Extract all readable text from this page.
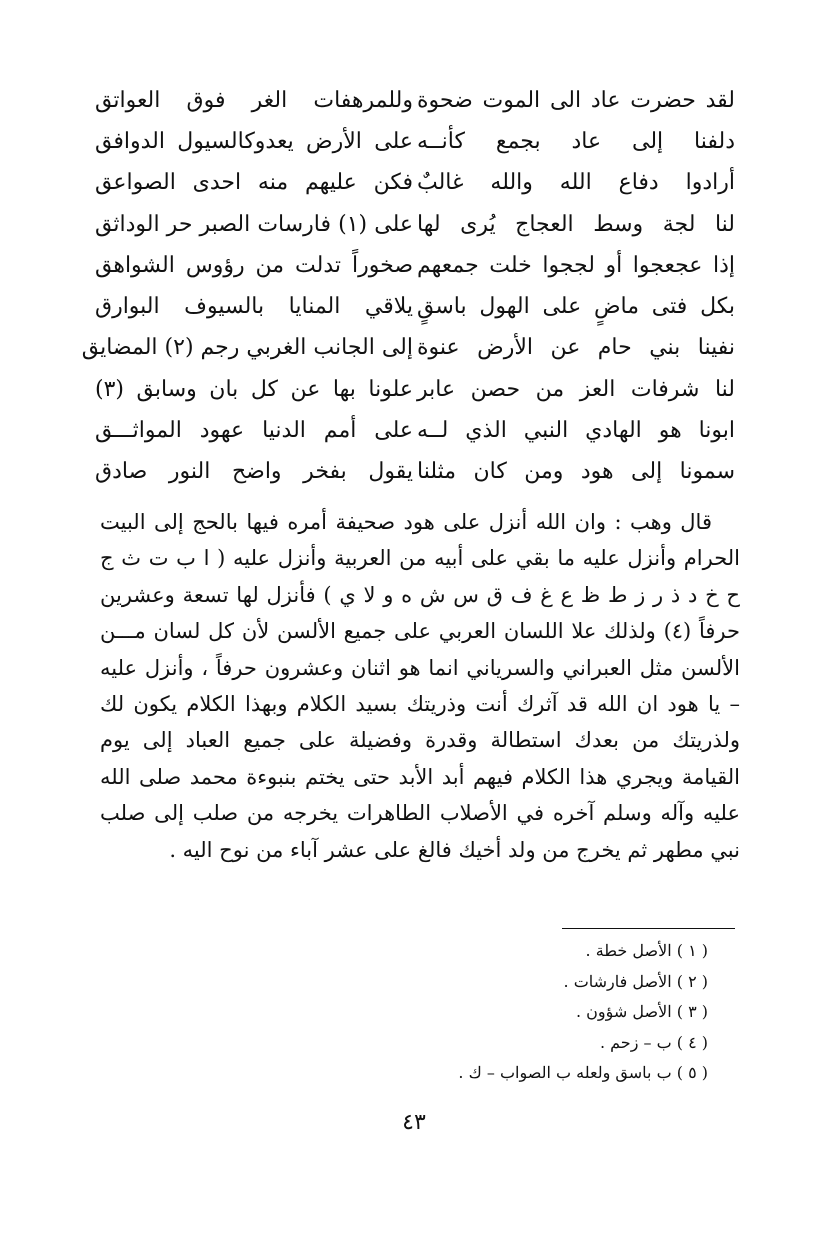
لقد حضرت عاد الى الموت ضحوة
وللمرهفات الغر فوق العواتق
دلفنا إلى عاد بجمع كأنــه
على الأرض يعدوكالسيول الدوافق
أرادوا دفاع الله والله غالبٌ
فكن عليهم منه احدى الصواعق
لنا لجة وسط العجاج يُرى لها
على (١) فارسات الصبر حر الوداثق
إذا عجعجوا أو لججوا خلت جمعهم
صخوراً تدلت من رؤوس الشواهق
بكل فتى ماضٍ على الهول باسقٍ
يلاقي المنايا بالسيوف البوارق
نفينا بني حام عن الأرض عنوة
إلى الجانب الغربي رجم (٢) المضايق
لنا شرفات العز من حصن عابر
علونا بها عن كل بان وسابق (٣)
ابونا هو الهادي النبي الذي لــه
على أمم الدنيا عهود المواثـــق
سمونا إلى هود ومن كان مثلنا
يقول بفخر واضح النور صادق

قال وهب : وان الله أنزل على هود صحيفة أمره فيها بالحج إلى البيت الحرام وأنزل عليه ما بقي على أبيه من العربية وأنزل عليه ( ا ب ت ث ج ح خ د ذ ر ز ط ظ ع غ ف ق س ش ه و لا ي ) فأنزل لها تسعة وعشرين حرفاً (٤) ولذلك علا اللسان العربي على جميع الألسن لأن كل لسان مـــن الألسن مثل العبراني والسرياني انما هو اثنان وعشرون حرفاً ، وأنزل عليه – يا هود ان الله قد آثرك أنت وذريتك بسيد الكلام وبهذا الكلام يكون لك ولذريتك من بعدك استطالة وقدرة وفضيلة على جميع العباد إلى يوم القيامة ويجري هذا الكلام فيهم أبد الأبد حتى يختم بنبوءة محمد صلى الله عليه وآله وسلم آخره في الأصلاب الطاهرات يخرجه من صلب إلى صلب نبي مطهر ثم يخرج من ولد أخيك فالغ على عشر آباء من نوح اليه .

( ١ ) الأصل خطة .
( ٢ ) الأصل فارشات .
( ٣ ) الأصل شؤون .
( ٤ ) ب – زحم .
( ٥ ) ب باسق ولعله ب الصواب – ك .
٤٣
